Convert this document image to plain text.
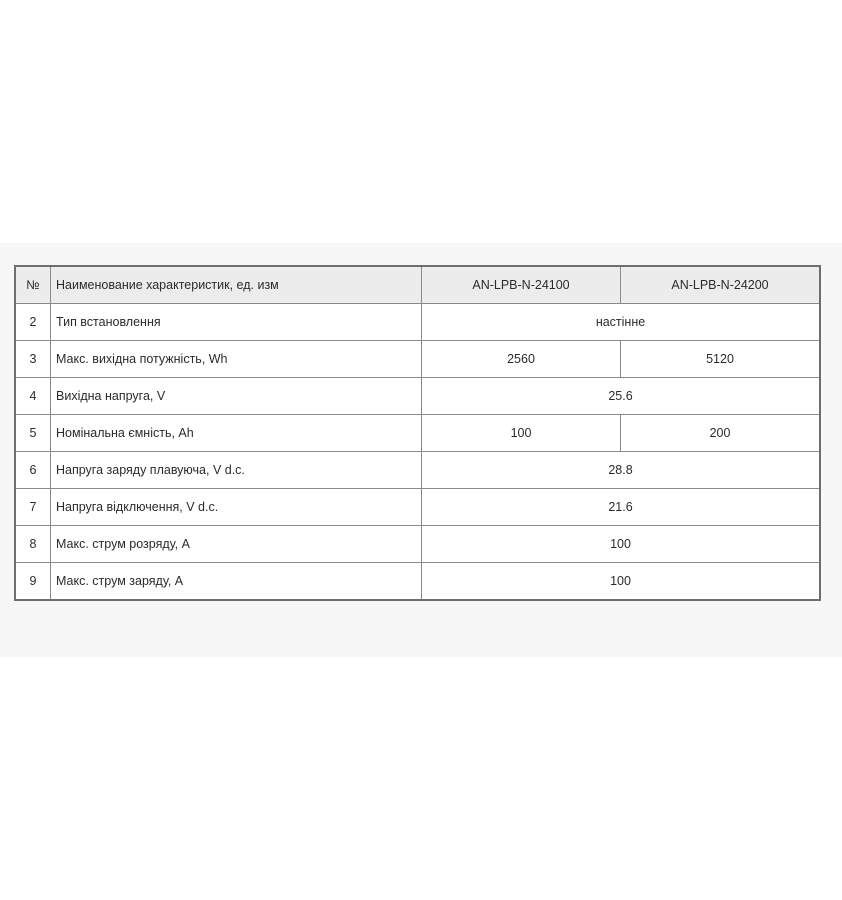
№	Наименование характеристик, ед. изм	AN-LPB-N-24100	AN-LPB-N-24200
2	Тип встановлення	настінне	
3	Макс. вихідна потужність, Wh	2560	5120
4	Вихідна напруга, V	25.6	
5	Номінальна ємність, Ah	100	200
6	Напруга заряду плавуюча, V d.c.	28.8	
7	Напруга відключення, V d.c.	21.6	
8	Макс. струм розряду, A	100	
9	Макс. струм заряду, A	100	
